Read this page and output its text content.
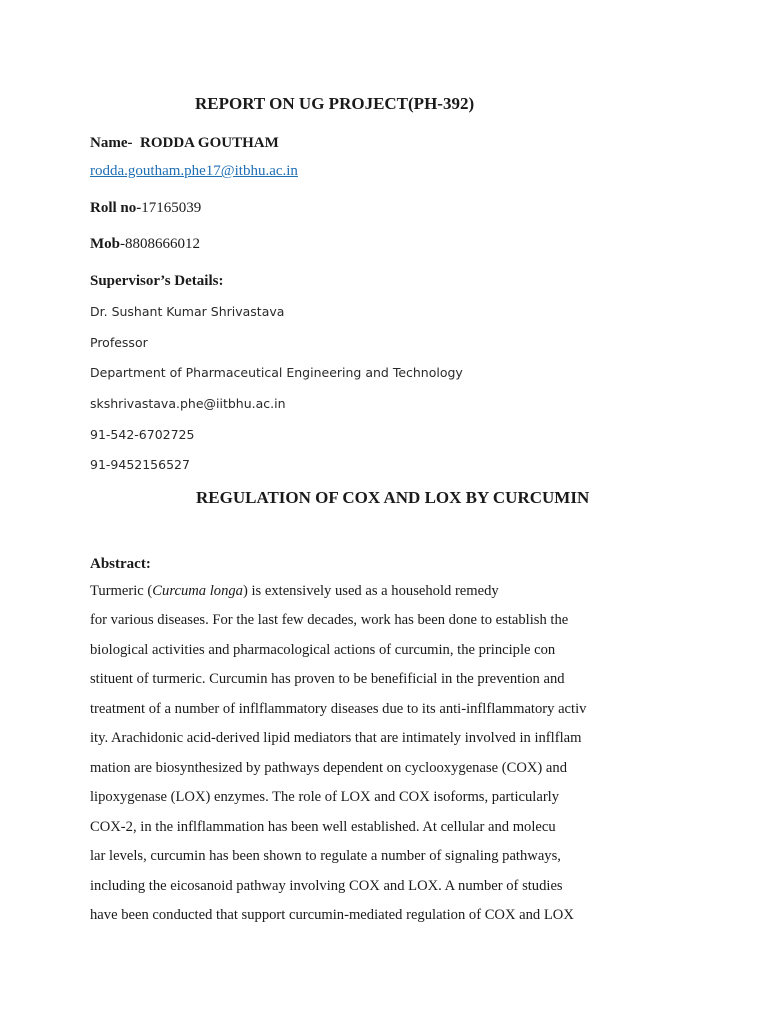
REPORT ON UG PROJECT(PH-392)
Name- RODDA GOUTHAM
rodda.goutham.phe17@itbhu.ac.in
Roll no-17165039
Mob-8808666012
Supervisor’s Details:
Dr. Sushant Kumar Shrivastava
Professor
Department of Pharmaceutical Engineering and Technology
skshrivastava.phe@iitbhu.ac.in
91-542-6702725
91-9452156527
REGULATION OF COX AND LOX BY CURCUMIN
Abstract:
Turmeric (Curcuma longa) is extensively used as a household remedy
for various diseases. For the last few decades, work has been done to establish the
biological activities and pharmacological actions of curcumin, the principle con
stituent of turmeric. Curcumin has proven to be benefificial in the prevention and
treatment of a number of inflflammatory diseases due to its anti-inflflammatory activ
ity. Arachidonic acid-derived lipid mediators that are intimately involved in inflflam
mation are biosynthesized by pathways dependent on cyclooxygenase (COX) and
lipoxygenase (LOX) enzymes. The role of LOX and COX isoforms, particularly
COX-2, in the inflflammation has been well established. At cellular and molecu
lar levels, curcumin has been shown to regulate a number of signaling pathways,
including the eicosanoid pathway involving COX and LOX. A number of studies
have been conducted that support curcumin-mediated regulation of COX and LOX
